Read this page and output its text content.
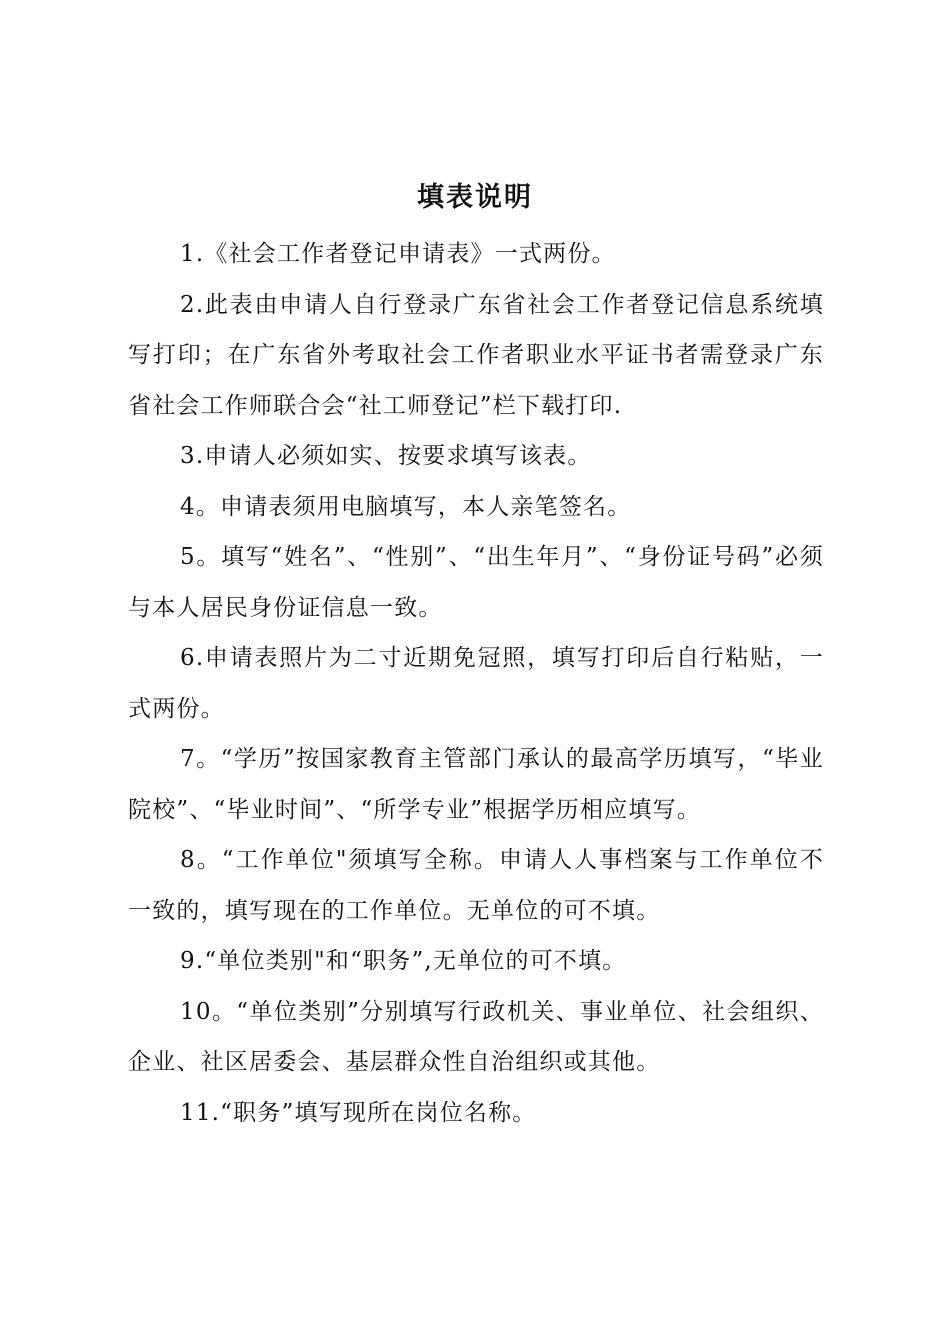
填表说明

1.《社会工作者登记申请表》一式两份。

2.此表由申请人自行登录广东省社会工作者登记信息系统填写打印；在广东省外考取社会工作者职业水平证书者需登录广东省社会工作师联合会“社工师登记”栏下载打印.

3.申请人必须如实、按要求填写该表。

4。申请表须用电脑填写，本人亲笔签名。

5。填写“姓名”、“性别”、“出生年月”、“身份证号码”必须与本人居民身份证信息一致。

6.申请表照片为二寸近期免冠照，填写打印后自行粘贴，一式两份。

7。“学历”按国家教育主管部门承认的最高学历填写，“毕业院校”、“毕业时间”、“所学专业”根据学历相应填写。

8。“工作单位"须填写全称。申请人人事档案与工作单位不一致的，填写现在的工作单位。无单位的可不填。

9.“单位类别"和“职务”,无单位的可不填。

10。“单位类别”分别填写行政机关、事业单位、社会组织、企业、社区居委会、基层群众性自治组织或其他。

11.“职务”填写现所在岗位名称。
